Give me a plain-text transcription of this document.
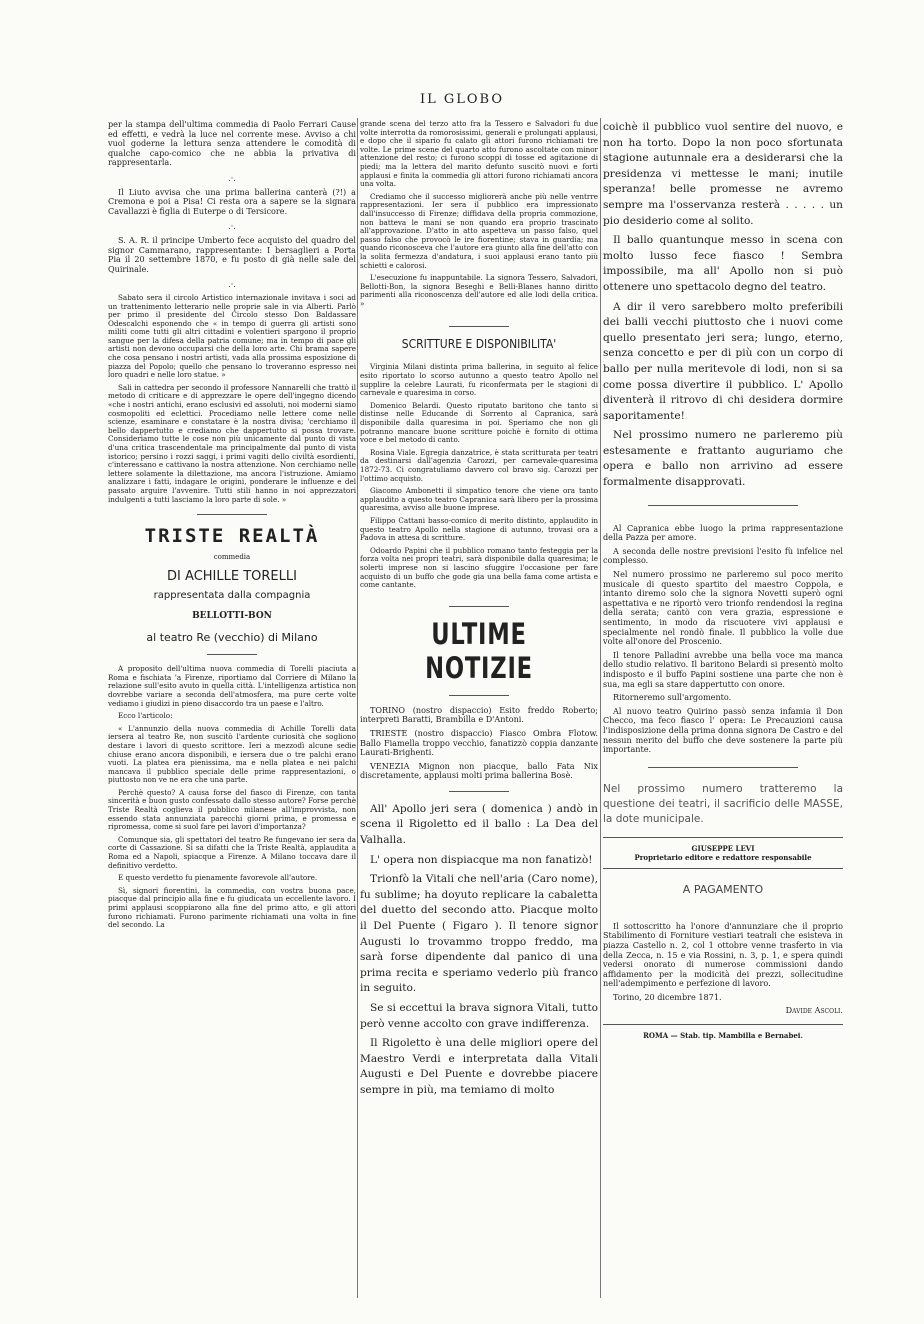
IL GLOBO

per la stampa dell'ultima commedia di Paolo Ferrari Cause ed effetti, e vedrà la luce nel corrente mese. Avviso a chi vuol goderne la lettura senza attendere le comodità di qualche capo-comico che ne abbia la privativa di rappresentarla.

.·.

Il Liuto avvisa che una prima ballerina canterà (?!) a Cremona e poi a Pisa! Ci resta ora a sapere se la signara Cavallazzi è figlia di Euterpe o di Tersicore.

.·.

S. A. R. il principe Umberto fece acquisto del quadro del signor Cammarano, rappresentante: I bersaglieri a Porta Pia il 20 settembre 1870, e fu posto di già nelle sale del Quirinale.

.·.

Sabato sera il circolo Artistico internazionale invitava i soci ad un trattenimento letterario nelle proprie sale in via Alberti. Parlò per primo il presidente del Circolo stesso Don Baldassare Odescalchi esponendo che « in tempo di guerra gli artisti sono militi come tutti gli altri cittadini e volentieri spargono il proprio sangue per la difesa della patria comune; ma in tempo di pace gli artisti non devono occuparsi che della loro arte. Chi brama sapere che cosa pensano i nostri artisti, vada alla prossima esposizione di piazza del Popolo; quello che pensano lo troveranno espresso nei loro quadri e nelle loro statue. »

Sali in cattedra per secondo il professore Nannarelli che trattò il metodo di criticare e di apprezzare le opere dell'ingegno dicendo «che i nostri antichi, erano esclusivi ed assoluti, noi moderni siamo cosmopoliti ed eclettici. Procediamo nelle lettere come nelle scienze, esaminare e constatare è la nostra divisa; 'cerchiamo il bello dappertutto e crediamo che dappertutto si possa trovare. Consideriamo tutte le cose non più unicamente dal punto di vista d'una critica trascendentale ma principalmente dal punto di vista istorico; persino i rozzi saggi, i primi vagiti dello civiltà esordienti, c'interessano e cattivano la nostra attenzione. Non cerchiamo nelle lettere solamente la dilettazione, ma ancora l'istruzione. Amiamo analizzare i fatti, indagare le origini, ponderare le influenze e del passato arguire l'avvenire. Tutti stili hanno in noi apprezzatori indulgenti a tutti lasciamo la loro parte di sole. »

TRISTE REALTÀ
commedia
DI ACHILLE TORELLI
rappresentata dalla compagnia
BELLOTTI-BON
al teatro Re (vecchio) di Milano

A proposito dell'ultima nuova commedia di Torelli piaciuta a Roma e fischiata 'a Firenze, riportiamo dal Corriere di Milano la relazione sull'esito avuto in quella città. L'intelligenza artistica non dovrebbe variare a seconda dell'atmosfera, ma pure certe volte vediamo i giudizi in pieno disaccordo tra un paese e l'altro.

Ecco l'articolo:

« L'annunzio della nuova commedia di Achille Torelli data iersera al teatro Re, non suscitò l'ardente curiosità che sogliono destare i lavori di questo scrittore. Ieri a mezzodì alcune sedie chiuse erano ancora disponibili, e iersera due o tre palchi erano vuoti. La platea era pienissima, ma e nella platea e nei palchi mancava il pubblico speciale delle prime rappresentazioni, o piuttosto non ve ne era che una parte.

Perchè questo? A causa forse del fiasco di Firenze, con tanta sincerità e buon gusto confessato dallo stesso autore? Forse perchè Triste Realtà coglieva il pubblico milanese all'improvvista, non essendo stata annunziata parecchi giorni prima, e promessa e ripromessa, come si suol fare pei lavori d'importanza?

Comunque sia, gli spettatori del teatro Re fungevano ier sera da corte di Cassazione. Si sa difatti che la Triste Realtà, applaudita a Roma ed a Napoli, spiacque a Firenze. A Milano toccava dare il definitivo verdetto.

E questo verdetto fu pienamente favorevole all'autore.

Sì, signori fiorentini, la commedia, con vostra buona pace, piacque dal principio alla fine e fu giudicata un eccellente lavoro. I primi applausi scoppiarono alla fine del primo atto, e gli attori furono richiamati. Furono parimente richiamati una volta in fine del secondo. La

grande scena del terzo atto fra la Tessero e Salvadori fu due volte interrotta da romorosissimi, generali e prolungati applausi, e dopo che il sipario fu calato gli attori furono richiamati tre volte. Le prime scene del quarto atto furono ascoltate con minor attenzione del resto; ci furono scoppi di tosse ed agitazione di piedi; ma la lettera del marito defunto suscitò nuovi e forti applausi e finita la commedia gli attori furono richiamati ancora una volta.

Crediamo che il successo migliorerà anche più nelle ventrre rappresentazioni. Ier sera il pubblico era impressionato dall'insuccesso di Firenze; diffidava della propria commozione, non batteva le mani se non quando era proprio trascinato all'approvazione. D'atto in atto aspetteva un passo falso, quel passo falso che provocò le ire fiorentine; stava in guardia; ma quando riconosceva che l'autore era giunto alla fine dell'atto con la solita fermezza d'andatura, i suoi applausi erano tanto più schietti e calorosi.

L'esecuzione fu inappuntabile. La signora Tessero, Salvadori, Bellotti-Bon, la signora Beseghi e Belli-Blanes hanno diritto parimenti alla riconoscenza dell'autore ed alle lodi della critica. »

SCRITTURE E DISPONIBILITA'

Virginia Milani distinta prima ballerina, in seguito al felice esito riportato lo scorso autunno a questo teatro Apollo nel supplire la celebre Laurati, fu riconfermata per le stagioni di carnevale e quaresima in corso.

Domenico Belardi. Questo riputato baritono che tanto si distinse nelle Educande di Sorrento al Capranica, sarà disponibile dalla quaresima in poi. Speriamo che non gli potranno mancare buone scritture poichè è fornito di ottima voce e bel metodo di canto.

Rosina Viale. Egregia danzatrice, è stata scritturata per teatri da destinarsi dall'agenzia Carozzi, per carnevale-quaresima 1872-73. Ci congratuliamo davvero col bravo sig. Carozzi per l'ottimo acquisto.

Giacomo Ambonetti il simpatico tenore che viene ora tanto applaudito a questo teatro Capranica sarà libero per la prossima quaresima, avviso alle buone imprese.

Filippo Cattani basso-comico di merito distinto, applaudito in questo teatro Apollo nella stagione di autunno, trovasi ora a Padova in attesa di scritture.

Odoardo Papini che il pubblico romano tanto festeggia per la forza volta nei propri teatri, sarà disponibile dalla quaresima; le solerti imprese non si lascino sfuggire l'occasione per fare acquisto di un buffo che gode gia una bella fama come artista e come cantante.

ULTIME NOTIZIE

TORINO (nostro dispaccio) Esito freddo Roberto; interpreti Baratti, Brambilla e D'Antoni.

TRIESTE (nostro dispaccio) Fiasco Ombra Flotow. Ballo Fiamella troppo vecchio, fanatizzò coppia danzante Laurati-Brighenti.

VENEZIA Mignon non piacque, ballo Fata Nix discretamente, applausi molti prima ballerina Bosè.

All' Apollo jeri sera ( domenica ) andò in scena il Rigoletto ed il ballo : La Dea del Valhalla.

L' opera non dispiacque ma non fanatizò!

Trionfò la Vitali che nell'aria (Caro nome), fu sublime; ha doyuto replicare la cabaletta del duetto del secondo atto. Piacque molto il Del Puente ( Figaro ). Il tenore signor Augusti lo trovammo troppo freddo, ma sarà forse dipendente dal panico di una prima recita e speriamo vederlo più franco in seguito.

Se si eccettui la brava signora Vitali, tutto però venne accolto con grave indifferenza.

Il Rigoletto è una delle migliori opere del Maestro Verdi e interpretata dalla Vitali Augusti e Del Puente e dovrebbe piacere sempre in più, ma temiamo di molto

coichè il pubblico vuol sentire del nuovo, e non ha torto. Dopo la non poco sfortunata stagione autunnale era a desiderarsi che la presidenza vi mettesse le mani; inutile speranza! belle promesse ne avremo sempre ma l'osservanza resterà . . . . . un pio desiderio come al solito.

Il ballo quantunque messo in scena con molto lusso fece fiasco ! Sembra impossibile, ma all' Apollo non si può ottenere uno spettacolo degno del teatro.

A dir il vero sarebbero molto preferibili dei balli vecchi piuttosto che i nuovi come quello presentato jeri sera; lungo, eterno, senza concetto e per di più con un corpo di ballo per nulla meritevole di lodi, non si sa come possa divertire il pubblico. L' Apollo diventerà il ritrovo di chi desidera dormire saporitamente!

Nel prossimo numero ne parleremo più estesamente e frattanto auguriamo che opera e ballo non arrivino ad essere formalmente disapprovati.

Al Capranica ebbe luogo la prima rappresentazione della Pazza per amore.

A seconda delle nostre previsioni l'esito fù infelice nel complesso.

Nel numero prossimo ne parleremo sul poco merito musicale di questo spartito del maestro Coppola, e intanto diremo solo che la signora Novetti superò ogni aspettativa e ne riportò vero trionfo rendendosi la regina della serata; cantò con vera grazia, espressione e sentimento, in modo da riscuotere vivi applausi e specialmente nel rondò finale. Il pubblico la volle due volte all'onore del Proscenio.

Il tenore Palladini avrebbe una bella voce ma manca dello studio relativo. Il baritono Belardi si presentò molto indisposto e il buffo Papini sostiene una parte che non è sua, ma egli sa stare dappertutto con onore.

Ritorneremo sull'argomento.

Al nuovo teatro Quirino passò senza infamia il Don Checco, ma feco fiasco l' opera: Le Precauzioni causa l'indisposizione della prima donna signora De Castro e del nessun merito del buffo che deve sostenere la parte più importante.

Nel prossimo numero tratteremo la questione dei teatri, il sacrificio delle MASSE, la dote municipale.
GIUSEPPE LEVI
Proprietario editore e redattore responsabile
A PAGAMENTO

Il sottoscritto ha l'onore d'annunziare che il proprio Stabilimento di Forniture vestiari teatrali che esisteva in piazza Castello n. 2, col 1 ottobre venne trasferto in via della Zecca, n. 15 e via Rossini, n. 3, p. 1, e spera quindi vedersi onorato di numerose commissioni dando affidamento per la modicità dei prezzi, sollecitudine nell'adempimento e perfezione di lavoro.

Torino, 20 dicembre 1871.

Davide Ascoli.

ROMA — Stab. tip. Mambilla e Bernabei.
